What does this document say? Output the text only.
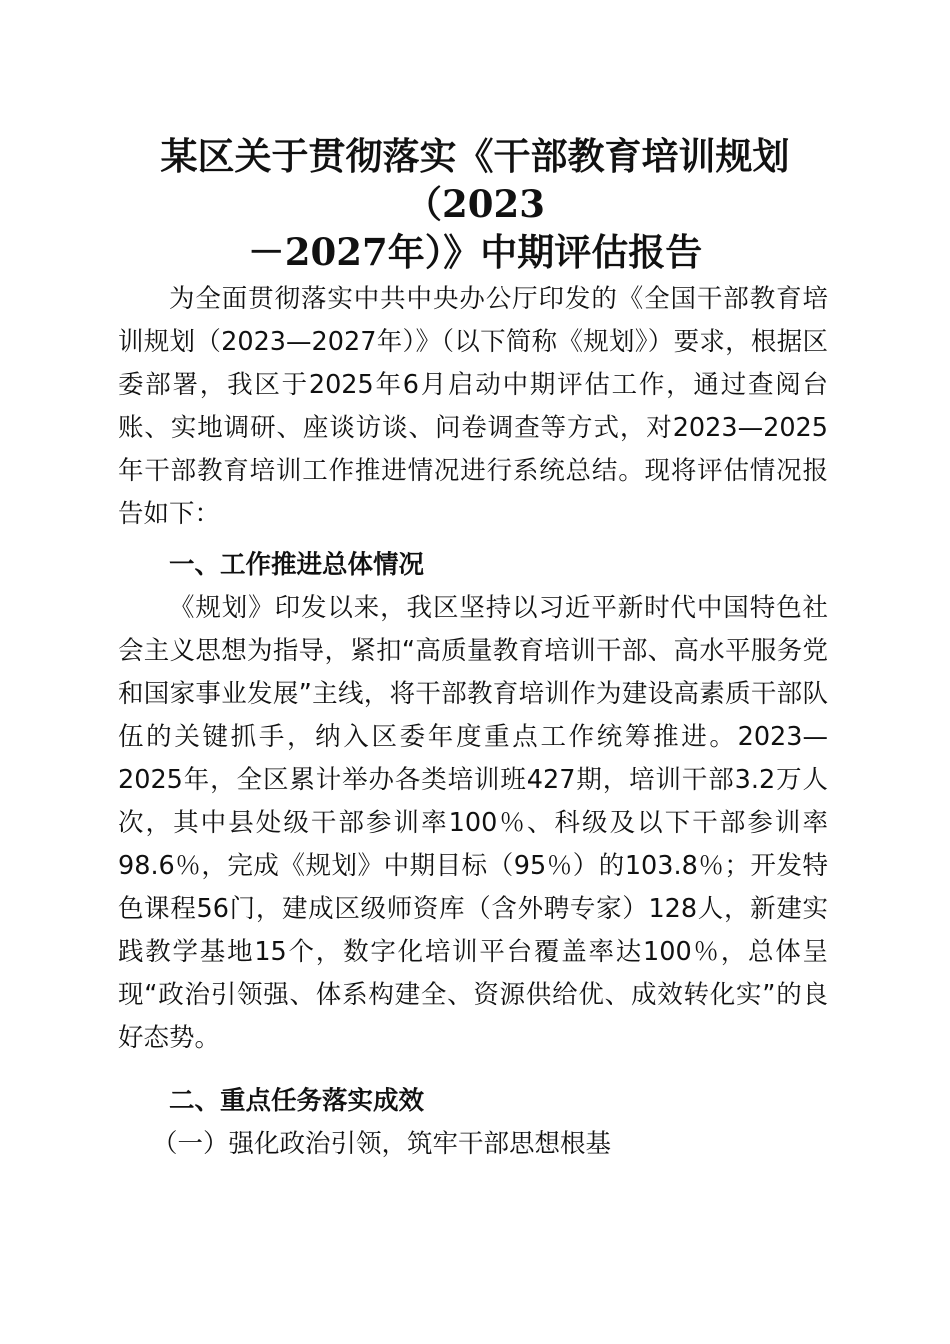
某区关于贯彻落实《干部教育培训规划（2023
－2027年）》中期评估报告

为全面贯彻落实中共中央办公厅印发的《全国干部教育培训规划（2023—2027年）》（以下简称《规划》）要求，根据区委部署，我区于2025年6月启动中期评估工作，通过查阅台账、实地调研、座谈访谈、问卷调查等方式，对2023—2025年干部教育培训工作推进情况进行系统总结。现将评估情况报告如下：

一、工作推进总体情况

《规划》印发以来，我区坚持以习近平新时代中国特色社会主义思想为指导，紧扣“高质量教育培训干部、高水平服务党和国家事业发展”主线，将干部教育培训作为建设高素质干部队伍的关键抓手，纳入区委年度重点工作统筹推进。2023—2025年，全区累计举办各类培训班427期，培训干部3.2万人次，其中县处级干部参训率100％、科级及以下干部参训率98.6％，完成《规划》中期目标（95％）的103.8％；开发特色课程56门，建成区级师资库（含外聘专家）128人，新建实践教学基地15个，数字化培训平台覆盖率达100％，总体呈现“政治引领强、体系构建全、资源供给优、成效转化实”的良好态势。

二、重点任务落实成效

（一）强化政治引领，筑牢干部思想根基
